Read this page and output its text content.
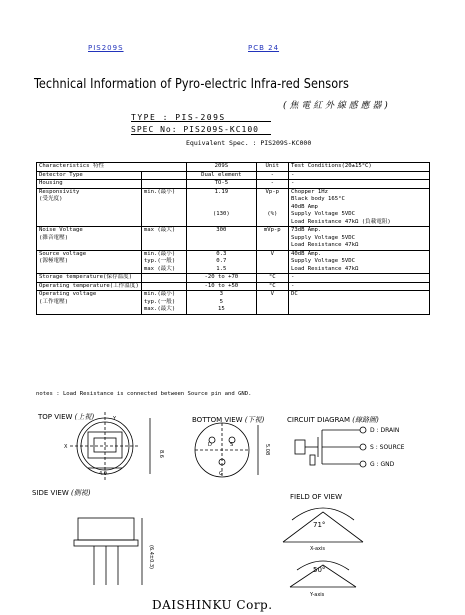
PIS209S	PCB 24
Technical Information of Pyro-electric Infra-red Sensors
( 焦 電 紅 外 線 感 應 器 )
TYPE : PIS-209S
SPEC No: PIS209S-KC100
Equivalent Spec. : PIS209S-KC000
Characteristics 特性		209S	Unit	Test Conditions(20±15°C)
Detector Type		Dual element	-	-
Housing		TO-5	-	-
Responsivity	min.(最小)	1.19	Vp-p	Chopper 1Hz
(受光度)				Black body 165°C
				40dB Amp
		(130)	(%)	Supply Voltage 5VDC
				Load Resistance 47kΩ (負載電阻)
Noise Voltage	max (最大)	300	mVp-p	73dB Amp.
(雜音電壓)				Supply Voltage 5VDC
				Load Resistance 47kΩ
Source voltage	min.(最小)	0.3	V	40dB Amp.
(源極電壓)	typ.(一般)	0.7		Supply Voltage 5VDC
	max (最大)	1.5		Load Resistance 47kΩ
Storage temperature(保存溫度)		-20 to +70	°C	-
Operating temperature(工作溫度)		-10 to +50	°C	-
Operating voltage	min.(最小)	3	V	DC
(工作電壓)	typ.(一般)	5		
	max.(最大)	15		
notes : Load Resistance is connected between Source pin and GND.
TOP VIEW (上視)	BOTTOM VIEW (下視)	CIRCUIT DIAGRAM (線路圖)
SIDE VIEW (側視)	FIELD OF VIEW
Y
X
4.0
8.6
D	S
G
5.08
D : DRAIN
S : SOURCE
G : GND
(6.4±0.3)
71°
X-axis
50°
Y-axis
DAISHINKU Corp.
